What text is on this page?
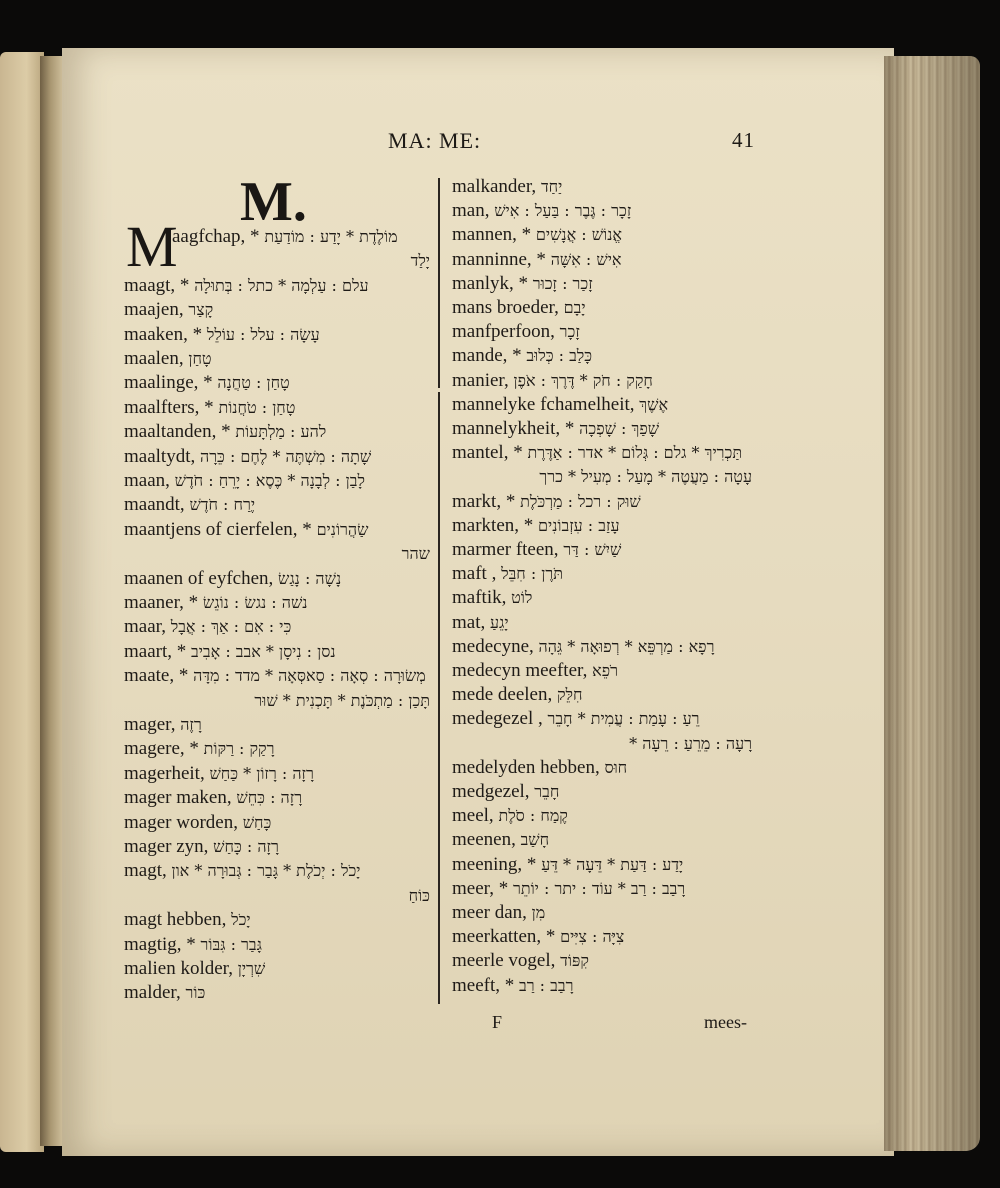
MA: ME:	41
M.
M
aagfchap, * מוֹלֶדֶת * יָדַע : מוֹדַעַת
יָלַד
maagt, * עלם : עַלְמָה * כתל : בְּתוּלָה
maajen, קָצַר
maaken, * עָשָׂה : עלל : עוֹלֵל
maalen, טָחַן
maalinge, * טָחַן : טַחֲנָה
maalfters, * טָחַן : טֹחֲנוֹת
maaltanden, * להע : מַלְתָּעוֹת
maaltydt, שָׁתָה : מִשְׁתֶּה * לֶחֶם : כֵּרָה
maan, לָבַן : לְבָנָה * כֶּסֶא : יָרֵחַ : חֹדֶשׁ
maandt, יֶרַח : חֹדֶשׁ
maantjens of cierfelen, * שַׂהֲרוֹנִים
שהר
maanen of eyfchen, נָשָׁה : נָגַשׂ
maaner, * נשׁה : נגשׂ : נוֹגֵשׂ
maar, כִּי : אִם : אַךְ : אֲבָל
maart, * נסן : נִיסָן * אבב : אָבִיב
maate, * מְשׂוּרָה : סְאָה : סַאסְּאָה * מדד : מִדָּה
תָּכַן : מַתְכֹּנֶת * תָּכְנִית * שׁוּר
mager, רָזֶה
magere, * רָקַק : רַקּוֹת
magerheit, רָזָה : רָזוֹן * כַּחַשׁ
mager maken, רָזָה : כִּחֵשׁ
mager worden, כָּחַשׁ
mager zyn, רָזָה : כָּחַשׁ
magt, יָכֹל : יְכֹלֶת * גָּבַר : גְּבוּרָה * און
כּוֹחַ
magt hebben, יָכֹל
magtig, * גָּבַר : גִּבּוֹר
malien kolder, שִׁרְיָן
malder, כּוֹר
malkander, יַחַד
man, זָכָר : גֶּבֶר : בַּעַל : אִישׁ
mannen, * אֱנוֹשׁ : אֲנָשִׁים
manninne, * אִישׁ : אִשָּׁה
manlyk, * זָכַר : זָכוּר
mans broeder, יָבָם
manfperfoon, זָכָר
mande, * כָּלַב : כְּלוּב
manier, חָקַק : חֹק * דֶּרֶךְ : אֹפֶן
mannelyke fchamelheit, אֶשֶׁךְ
mannelykheit, * שָׁפַךְ : שָׁפְכָה
mantel, * תַּכְרִיךְ * גלם : גְּלוֹם * אדר : אַדֶּרֶת
עָטָה : מַעֲטֶה * מָעַל : מְעִיל * כרך
markt, * שׁוּק : רכל : מַרְכֹּלֶת
markten, * עָזַב : עִזְבוֹנִים
marmer fteen, שַׁיִשׁ : דַּר
maft , תֹּרֶן : חִבֵּל
maftik, לוֹט
mat, יָגֵעַ
medecyne, רָפָא : מַרְפֵּא * רְפוּאָה * גֵּהָה
medecyn meefter, רֹפֵא
mede deelen, חִלֵּק
medegezel , רֵעַ : עָמַת : עֲמִית * חָבֵר
רָעָה : מֵרֵעַ : רֵעָה *
medelyden hebben, חוּס
medgezel, חָבֵר
meel, קֶמַח : סֹלֶת
meenen, חָשַׁב
meening, * יָדַע : דַּעַת * דֵּעָה * דֵּעַ
meer, * רָבַב : רַב * עוֹד : יתר : יוֹתֵר
meer dan, מִן
meerkatten, * צִיָּה : צִיִּים
meerle vogel, קִפּוֹד
meeft, * רָבַב : רַב
F	mees-
